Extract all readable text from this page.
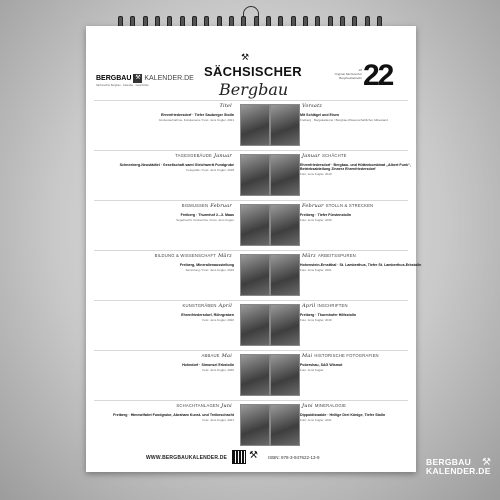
BERGBAU ⚒ KALENDER.DE
Sächsischer Bergbau · Kalender · Geschichte
⚒
SÄCHSISCHER
Bergbau
20
Original Sächsischer Bergbaukalender 22
Titel
Ehrenfriedersdorf · Tiefer Sauberger Stolln
Grubenaufnahme, Fotokamera / Foto: Jens Kugler, 2021
Vorsatz
Mit Schlägel und Eisen
Freiberg · Bergakademie / Bergbau-Wissenschaftlicher Altbestand
TAGESGEBÄUDE Januar
Schneeberg-Neustädtel · Gesellschaft samt Gleichwertt Fundgrube
Fotografie / Foto: Jens Kugler, 2018
Januar SCHÄCHTE
Ehrenfriedersdorf · Bergbau- und Hüttenkombinat „Albert Funk“, Betriebsabteilung Zinnerz Ehrenfriedersdorf
Foto: Jens Kugler, 2019
BISMUSSEN Februar
Freiberg · Thurmhof 2.–3. Maas
Segebrecht: Grubenriss / Foto: Jens Kugler
Februar STOLLN & STRECKEN
Freiberg · Tiefer Fürstenstolln
Foto: Jens Kugler, 2020
BILDUNG & WISSENSCHAFT März
Freiberg, Mineralienausstellung
Sammlung / Foto: Jens Kugler, 2019
März ARBEITSSPUREN
Hohenstein-Ernstthal · St. Lamberthus, Tiefer St. Lamberthus-Erbstolln
Foto: Jens Kugler, 2021
KUNSTGRÄBEN April
Ehrenfriedersdorf, Röhrgraben
Foto: Jens Kugler, 2020
April INSCHRIFTEN
Freiberg · Thurmhofer Hilfsstolln
Foto: Jens Kugler, 2019
ABBAUE Mai
Hohndorf · Simonsel Erbstolln
Foto: Jens Kugler, 2020
Mai HISTORISCHE FOTOGRAFIEN
Pobershau, SAG Wismut
Foto: Jens Kugler
SCHACHTANLAGEN Juni
Freiberg · Himmelfahrt Fundgrube, Abraham Kunst- und Treibeschacht
Foto: Jens Kugler, 2021
Juni MINERALOGIE
Dippoldiswalde · Heilige Drei Könige, Tiefer Stolln
Foto: Jens Kugler, 2021
WWW.BERGBAUKALENDER.DE ⚒ ISBN: 978-3-947622-13-9	BERGBAU
KALENDER.DE
⚒
